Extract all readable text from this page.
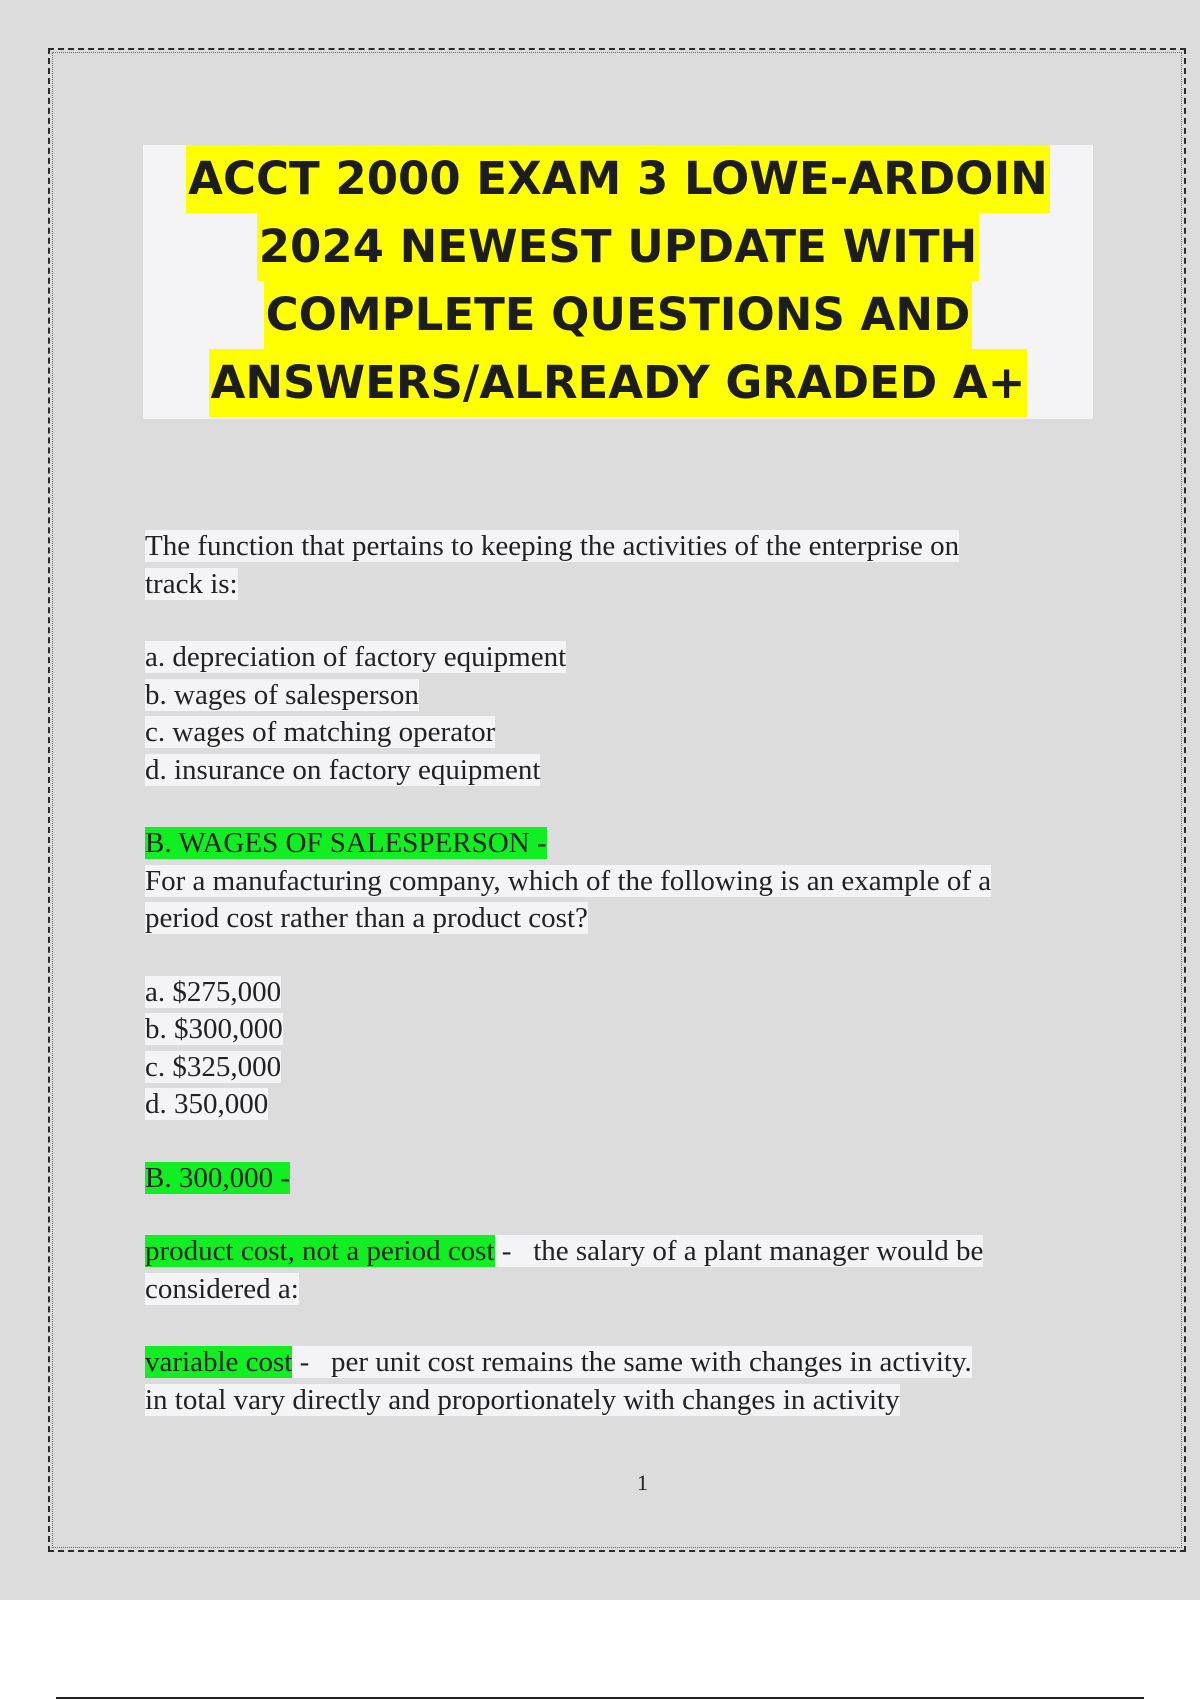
ACCT 2000 EXAM 3 LOWE-ARDOIN
2024 NEWEST UPDATE WITH
COMPLETE QUESTIONS AND
ANSWERS/ALREADY GRADED A+
The function that pertains to keeping the activities of the enterprise on
track is:
a. depreciation of factory equipment
b. wages of salesperson
c. wages of matching operator
d. insurance on factory equipment
B. WAGES OF SALESPERSON -
For a manufacturing company, which of the following is an example of a
period cost rather than a product cost?
a. $275,000
b. $300,000
c. $325,000
d. 350,000
B. 300,000 -
product cost, not a period cost -   the salary of a plant manager would be
considered a:
variable cost -   per unit cost remains the same with changes in activity.
in total vary directly and proportionately with changes in activity
1
